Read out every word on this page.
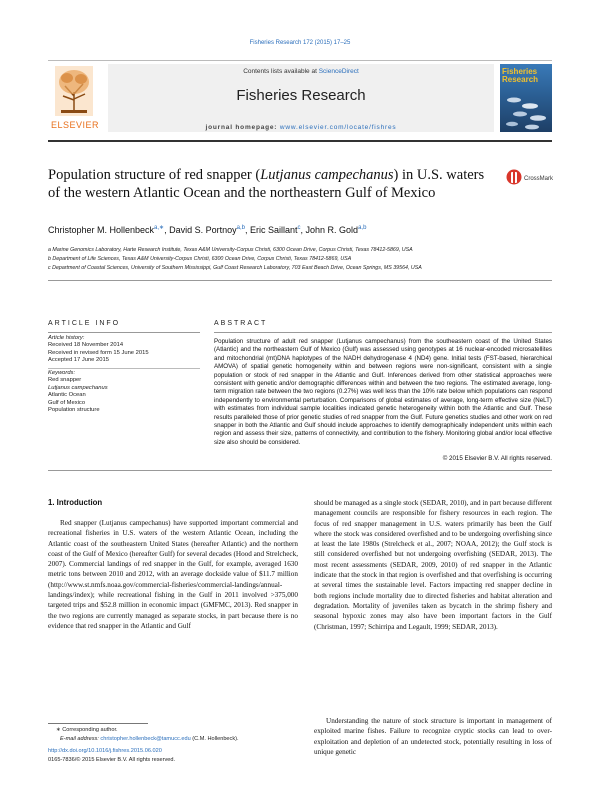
Fisheries Research 172 (2015) 17–25
ELSEVIER
Contents lists available at ScienceDirect
Fisheries Research
journal homepage: www.elsevier.com/locate/fishres
Fisheries Research
Population structure of red snapper (Lutjanus campechanus) in U.S. waters of the western Atlantic Ocean and the northeastern Gulf of Mexico
CrossMark
Christopher M. Hollenbeck$^{a,∗}$, David S. Portnoy$^{a,b}$, Eric Saillant$^c$, John R. Gold$^{a,b}$
a Marine Genomics Laboratory, Harte Research Institute, Texas A&M University-Corpus Christi, 6300 Ocean Drive, Corpus Christi, Texas 78412-5869, USA
b Department of Life Sciences, Texas A&M University-Corpus Christi, 6300 Ocean Drive, Corpus Christi, Texas 78412-5869, USA
c Department of Coastal Sciences, University of Southern Mississippi, Gulf Coast Research Laboratory, 703 East Beach Drive, Ocean Springs, MS 39564, USA
ARTICLE INFO
Article history:
Received 18 November 2014
Received in revised form 15 June 2015
Accepted 17 June 2015
Keywords:
Red snapper
Lutjanus campechanus
Atlantic Ocean
Gulf of Mexico
Population structure
ABSTRACT
Population structure of adult red snapper (Lutjanus campechanus) from the southeastern coast of the United States (Atlantic) and the northeastern Gulf of Mexico (Gulf) was assessed using genotypes at 16 nuclear-encoded microsatellites and mitochondrial (mt)DNA haplotypes of the NADH dehydrogenase 4 (ND4) gene. Initial tests (FST-based, hierarchical AMOVA) of spatial genetic homogeneity within and between regions were non-significant, consistent with a single population or stock of red snapper in the Atlantic and Gulf. Inferences derived from other statistical approaches were consistent with genetic and/or demographic differences within and between the two regions. The estimated average, long-term migration rate between the two regions (0.27%) was well less than the 10% rate below which populations can respond independently to environmental perturbation. Comparisons of global estimates of average, long-term effective size (NeLT) with estimates from individual sample localities indicated genetic heterogeneity within both the Atlantic and Gulf. These results paralleled those of prior genetic studies of red snapper from the Gulf. Future genetics studies and other work on red snapper in both the Atlantic and Gulf should include approaches to identify demographically independent units within each region and assess their size, patterns of connectivity, and contribution to the fishery. Monitoring global and/or local effective size also should be considered.
© 2015 Elsevier B.V. All rights reserved.
1. Introduction
Red snapper (Lutjanus campechanus) have supported important commercial and recreational fisheries in U.S. waters of the western Atlantic Ocean, including the Atlantic coast of the southeastern United States (hereafter Atlantic) and the northern coast of the Gulf of Mexico (hereafter Gulf) for several decades (Hood and Strelcheck, 2007). Commercial landings of red snapper in the Gulf, for example, averaged 1630 metric tons between 2010 and 2012, with an average dockside value of $11.7 million (http://www.st.nmfs.noaa.gov/commercial-fisheries/commercial-landings/annual-landings/index); while recreational fishing in the Gulf in 2011 involved >375,000 targeted trips and $52.8 million in economic impact (GMFMC, 2013). Red snapper in the two regions are currently managed as separate stocks, in part because there is no evidence that red snapper in the Atlantic and Gulf
should be managed as a single stock (SEDAR, 2010), and in part because different management councils are responsible for fishery resources in each region. The focus of red snapper management in U.S. waters primarily has been the Gulf where the stock was considered overfished and to be undergoing overfishing since at least the late 1980s (Strelcheck et al., 2007; NOAA, 2012); the Gulf stock is still considered overfished but not undergoing overfishing (SEDAR, 2013). The most recent assessments (SEDAR, 2009, 2010) of red snapper in the Atlantic indicate that the stock in that region is overfished and that overfishing is occurring at several times the sustainable level. Factors impacting red snapper decline in both regions include mortality due to directed fisheries and habitat alteration and degradation. Mortality of juveniles taken as bycatch in the shrimp fishery and seasonal hypoxic zones may also have been important factors in the Gulf (Christman, 1997; Schirripa and Legault, 1999; SEDAR, 2013).
Understanding the nature of stock structure is important in management of exploited marine fishes. Failure to recognize cryptic stocks can lead to over-exploitation and depletion of an undetected stock, potentially resulting in loss of unique genetic
∗ Corresponding author.
E-mail address: christopher.hollenbeck@tamucc.edu (C.M. Hollenbeck).
http://dx.doi.org/10.1016/j.fishres.2015.06.020
0165-7836/© 2015 Elsevier B.V. All rights reserved.
